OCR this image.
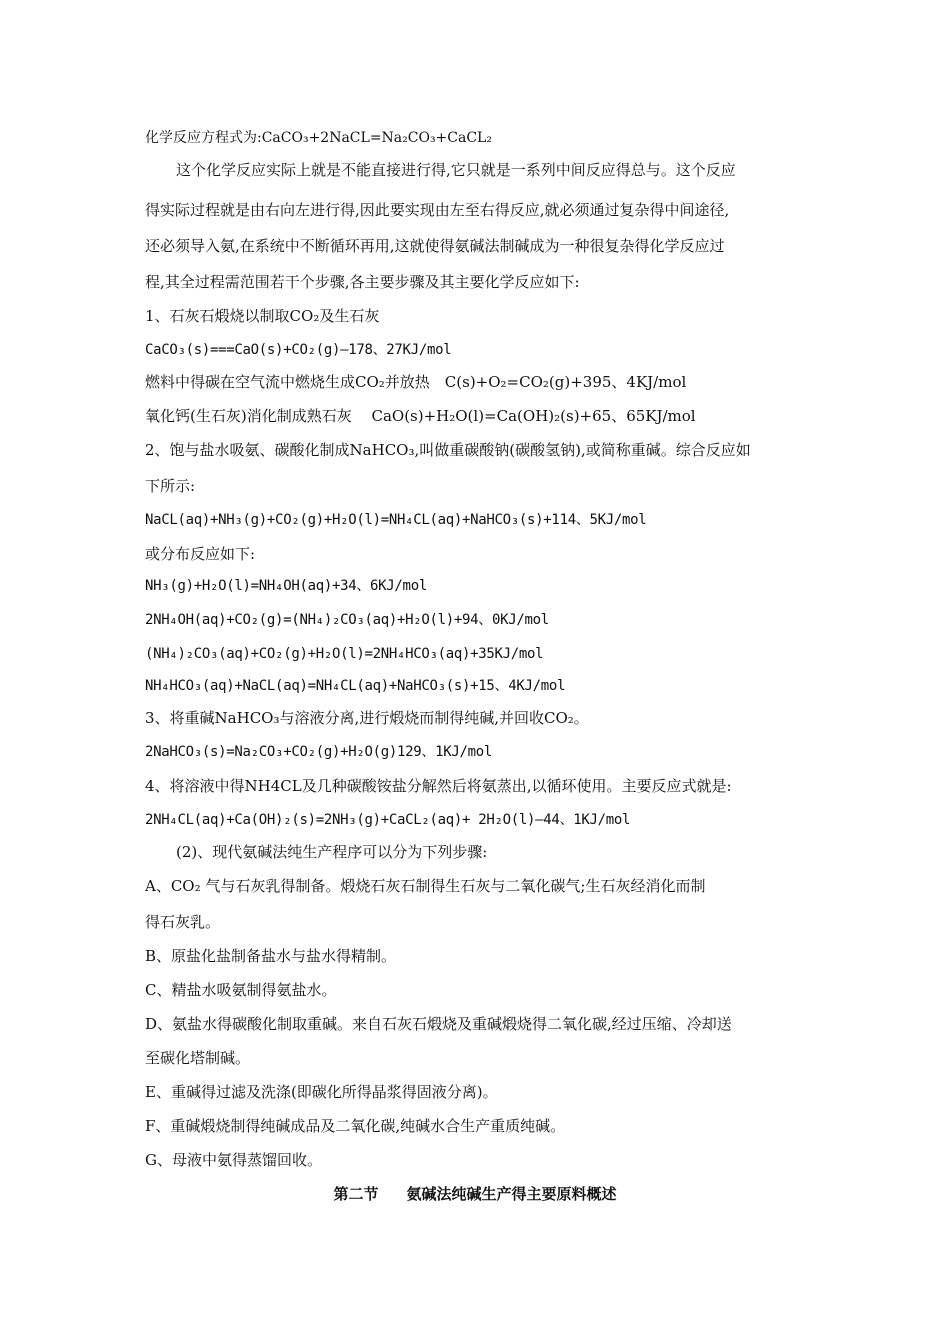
化学反应方程式为:CaCO₃+2NaCL=Na₂CO₃+CaCL₂
这个化学反应实际上就是不能直接进行得,它只就是一系列中间反应得总与。这个反应
得实际过程就是由右向左进行得,因此要实现由左至右得反应,就必须通过复杂得中间途径,
还必须导入氨,在系统中不断循环再用,这就使得氨碱法制碱成为一种很复杂得化学反应过
程,其全过程需范围若干个步骤,各主要步骤及其主要化学反应如下:
1、石灰石煅烧以制取CO₂及生石灰
CaCO₃(s)===CaO(s)+CO₂(g)—178、27KJ/mol
燃料中得碳在空气流中燃烧生成CO₂并放热　C(s)+O₂=CO₂(g)+395、4KJ/mol
氧化钙(生石灰)消化制成熟石灰　 CaO(s)+H₂O(l)=Ca(OH)₂(s)+65、65KJ/mol
2、饱与盐水吸氨、碳酸化制成NaHCO₃,叫做重碳酸钠(碳酸氢钠),或简称重碱。综合反应如
下所示:
NaCL(aq)+NH₃(g)+CO₂(g)+H₂O(l)=NH₄CL(aq)+NaHCO₃(s)+114、5KJ/mol
或分布反应如下:
NH₃(g)+H₂O(l)=NH₄OH(aq)+34、6KJ/mol
2NH₄OH(aq)+CO₂(g)=(NH₄)₂CO₃(aq)+H₂O(l)+94、0KJ/mol
(NH₄)₂CO₃(aq)+CO₂(g)+H₂O(l)=2NH₄HCO₃(aq)+35KJ/mol
NH₄HCO₃(aq)+NaCL(aq)=NH₄CL(aq)+NaHCO₃(s)+15、4KJ/mol
3、将重碱NaHCO₃与溶液分离,进行煅烧而制得纯碱,并回收CO₂。
2NaHCO₃(s)=Na₂CO₃+CO₂(g)+H₂O(g)129、1KJ/mol
4、将溶液中得NH4CL及几种碳酸铵盐分解然后将氨蒸出,以循环使用。主要反应式就是:
2NH₄CL(aq)+Ca(OH)₂(s)=2NH₃(g)+CaCL₂(aq)+ 2H₂O(l)—44、1KJ/mol
(2)、现代氨碱法纯生产程序可以分为下列步骤:
A、CO₂ 气与石灰乳得制备。煅烧石灰石制得生石灰与二氧化碳气;生石灰经消化而制
得石灰乳。
B、原盐化盐制备盐水与盐水得精制。
C、精盐水吸氨制得氨盐水。
D、氨盐水得碳酸化制取重碱。来自石灰石煅烧及重碱煅烧得二氧化碳,经过压缩、冷却送
至碳化塔制碱。
E、重碱得过滤及洗涤(即碳化所得晶浆得固液分离)。
F、重碱煅烧制得纯碱成品及二氧化碳,纯碱水合生产重质纯碱。
G、母液中氨得蒸馏回收。
第二节 氨碱法纯碱生产得主要原料概述
